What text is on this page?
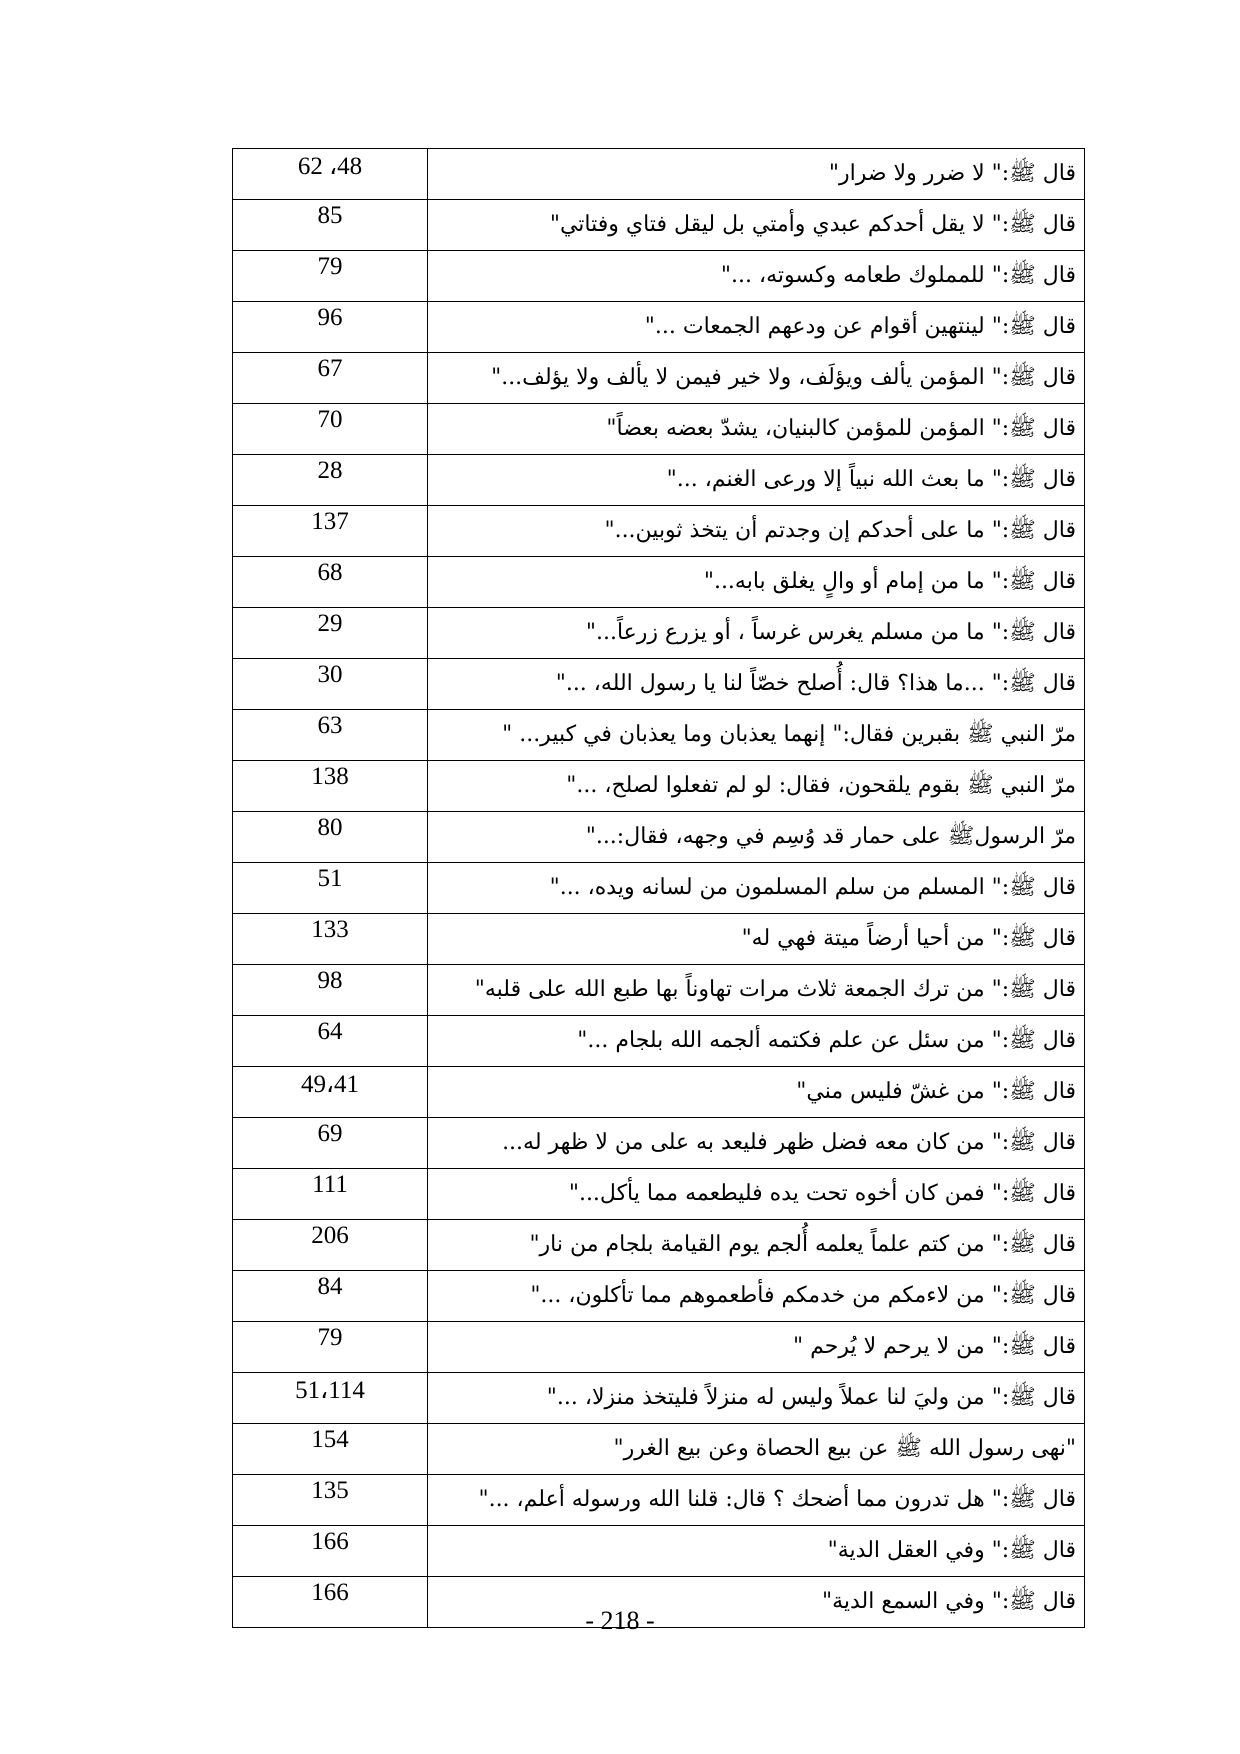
قال ﷺ:" لا ضرر ولا ضرار"	62 ،48
قال ﷺ:" لا يقل أحدكم عبدي وأمتي بل ليقل فتاي وفتاتي"	85
قال ﷺ:" للمملوك طعامه وكسوته، ..."	79
قال ﷺ:" لينتهين أقوام عن ودعهم الجمعات ..."	96
قال ﷺ:" المؤمن يألف ويؤلَف، ولا خير فيمن لا يألف ولا يؤلف..."	67
قال ﷺ:" المؤمن للمؤمن كالبنيان، يشدّ بعضه بعضاً"	70
قال ﷺ:" ما بعث الله نبياً إلا ورعى الغنم، ..."	28
قال ﷺ:" ما على أحدكم إن وجدتم أن يتخذ ثوبين..."	137
قال ﷺ:" ما من إمام أو والٍ يغلق بابه..."	68
قال ﷺ:" ما من مسلم يغرس غرساً ، أو يزرع زرعاً..."	29
قال ﷺ:" ...ما هذا؟ قال: أُصلح خصّاً لنا يا رسول الله، ..."	30
مرّ النبي ﷺ بقبرين فقال:" إنهما يعذبان وما يعذبان في كبير... "	63
مرّ النبي ﷺ بقوم يلقحون، فقال: لو لم تفعلوا لصلح، ..."	138
مرّ الرسولﷺ على حمار قد وُسِم في وجهه، فقال:..."	80
قال ﷺ:" المسلم من سلم المسلمون من لسانه ويده، ..."	51
قال ﷺ:" من أحيا أرضاً ميتة فهي له"	133
قال ﷺ:" من ترك الجمعة ثلاث مرات تهاوناً بها طبع الله على قلبه"	98
قال ﷺ:" من سئل عن علم فكتمه ألجمه الله بلجام ..."	64
قال ﷺ:" من غشّ فليس مني"	49،41
قال ﷺ:" من كان معه فضل ظهر فليعد به على من لا ظهر له...	69
قال ﷺ:" فمن كان أخوه تحت يده فليطعمه مما يأكل..."	111
قال ﷺ:" من كتم علماً يعلمه أُلجم يوم القيامة بلجام من نار"	206
قال ﷺ:" من لاءمكم من خدمكم فأطعموهم مما تأكلون، ..."	84
قال ﷺ:" من لا يرحم لا يُرحم "	79
قال ﷺ:" من وليَ لنا عملاً وليس له منزلاً فليتخذ منزلا، ..."	51،114
"نهى رسول الله ﷺ عن بيع الحصاة وعن بيع الغرر"	154
قال ﷺ:" هل تدرون مما أضحك ؟ قال: قلنا الله ورسوله أعلم، ..."	135
قال ﷺ:" وفي العقل الدية"	166
قال ﷺ:" وفي السمع الدية"	166
- 218 -
